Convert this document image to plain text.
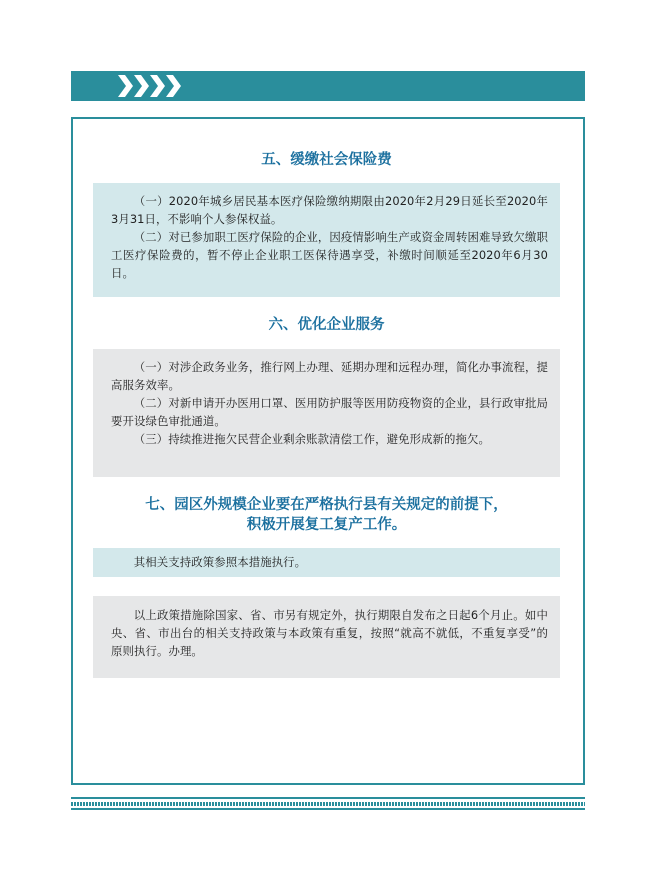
五、缓缴社会保险费

（一）2020年城乡居民基本医疗保险缴纳期限由2020年2月29日延长至2020年3月31日，不影响个人参保权益。

（二）对已参加职工医疗保险的企业，因疫情影响生产或资金周转困难导致欠缴职工医疗保险费的，暂不停止企业职工医保待遇享受，补缴时间顺延至2020年6月30日。

六、优化企业服务

（一）对涉企政务业务，推行网上办理、延期办理和远程办理，简化办事流程，提高服务效率。

（二）对新申请开办医用口罩、医用防护服等医用防疫物资的企业，县行政审批局要开设绿色审批通道。

（三）持续推进拖欠民营企业剩余账款清偿工作，避免形成新的拖欠。

七、园区外规模企业要在严格执行县有关规定的前提下，
积极开展复工复产工作。

其相关支持政策参照本措施执行。

以上政策措施除国家、省、市另有规定外，执行期限自发布之日起6个月止。如中央、省、市出台的相关支持政策与本政策有重复，按照“就高不就低，不重复享受”的原则执行。办理。
